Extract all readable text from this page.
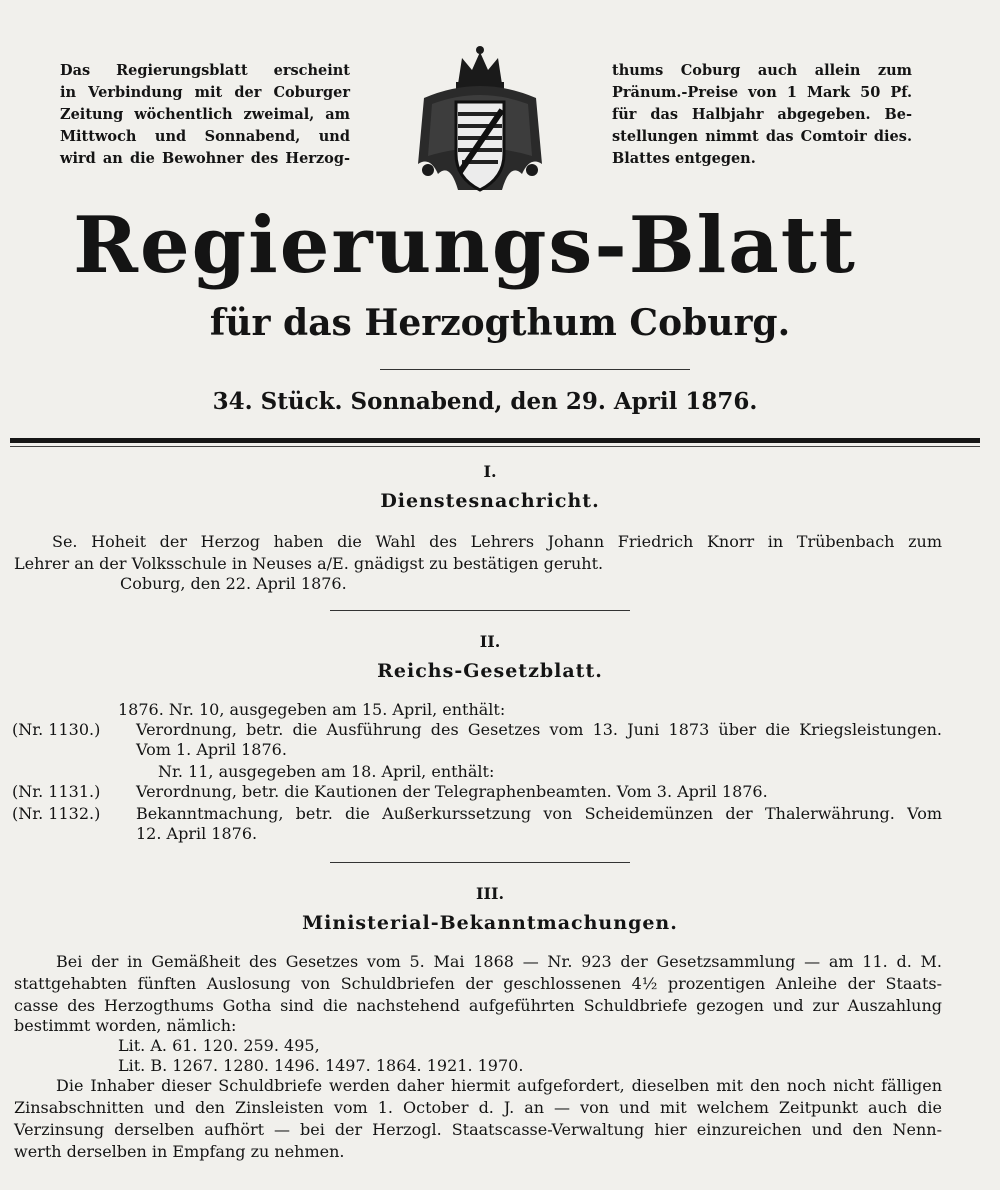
Das Regierungsblatt erscheint
in Verbindung mit der Coburger
Zeitung wöchentlich zweimal, am
Mittwoch und Sonnabend, und
wird an die Bewohner des Herzog-
thums Coburg auch allein zum
Pränum.-Preise von 1 Mark 50 Pf.
für das Halbjahr abgegeben. Be-
stellungen nimmt das Comtoir dies.
Blattes entgegen.
Regierungs-Blatt
für das Herzogthum Coburg.
34. Stück. Sonnabend, den 29. April 1876.
I.
Dienstesnachricht.
Se. Hoheit der Herzog haben die Wahl des Lehrers Johann Friedrich Knorr in Trübenbach zum
Lehrer an der Volksschule in Neuses a/E. gnädigst zu bestätigen geruht.
Coburg, den 22. April 1876.
II.
Reichs-Gesetzblatt.
1876. Nr. 10, ausgegeben am 15. April, enthält:
(Nr. 1130.) Verordnung, betr. die Ausführung des Gesetzes vom 13. Juni 1873 über die Kriegsleistungen.
Vom 1. April 1876.
Nr. 11, ausgegeben am 18. April, enthält:
(Nr. 1131.) Verordnung, betr. die Kautionen der Telegraphenbeamten. Vom 3. April 1876.
(Nr. 1132.) Bekanntmachung, betr. die Außerkurssetzung von Scheidemünzen der Thalerwährung. Vom
12. April 1876.
III.
Ministerial-Bekanntmachungen.
Bei der in Gemäßheit des Gesetzes vom 5. Mai 1868 — Nr. 923 der Gesetzsammlung — am 11. d. M.
stattgehabten fünften Auslosung von Schuldbriefen der geschlossenen 4½ prozentigen Anleihe der Staats-
casse des Herzogthums Gotha sind die nachstehend aufgeführten Schuldbriefe gezogen und zur Auszahlung
bestimmt worden, nämlich:
Lit. A. 61. 120. 259. 495,
Lit. B. 1267. 1280. 1496. 1497. 1864. 1921. 1970.
Die Inhaber dieser Schuldbriefe werden daher hiermit aufgefordert, dieselben mit den noch nicht fälligen
Zinsabschnitten und den Zinsleisten vom 1. October d. J. an — von und mit welchem Zeitpunkt auch die
Verzinsung derselben aufhört — bei der Herzogl. Staatscasse-Verwaltung hier einzureichen und den Nenn-
werth derselben in Empfang zu nehmen.
